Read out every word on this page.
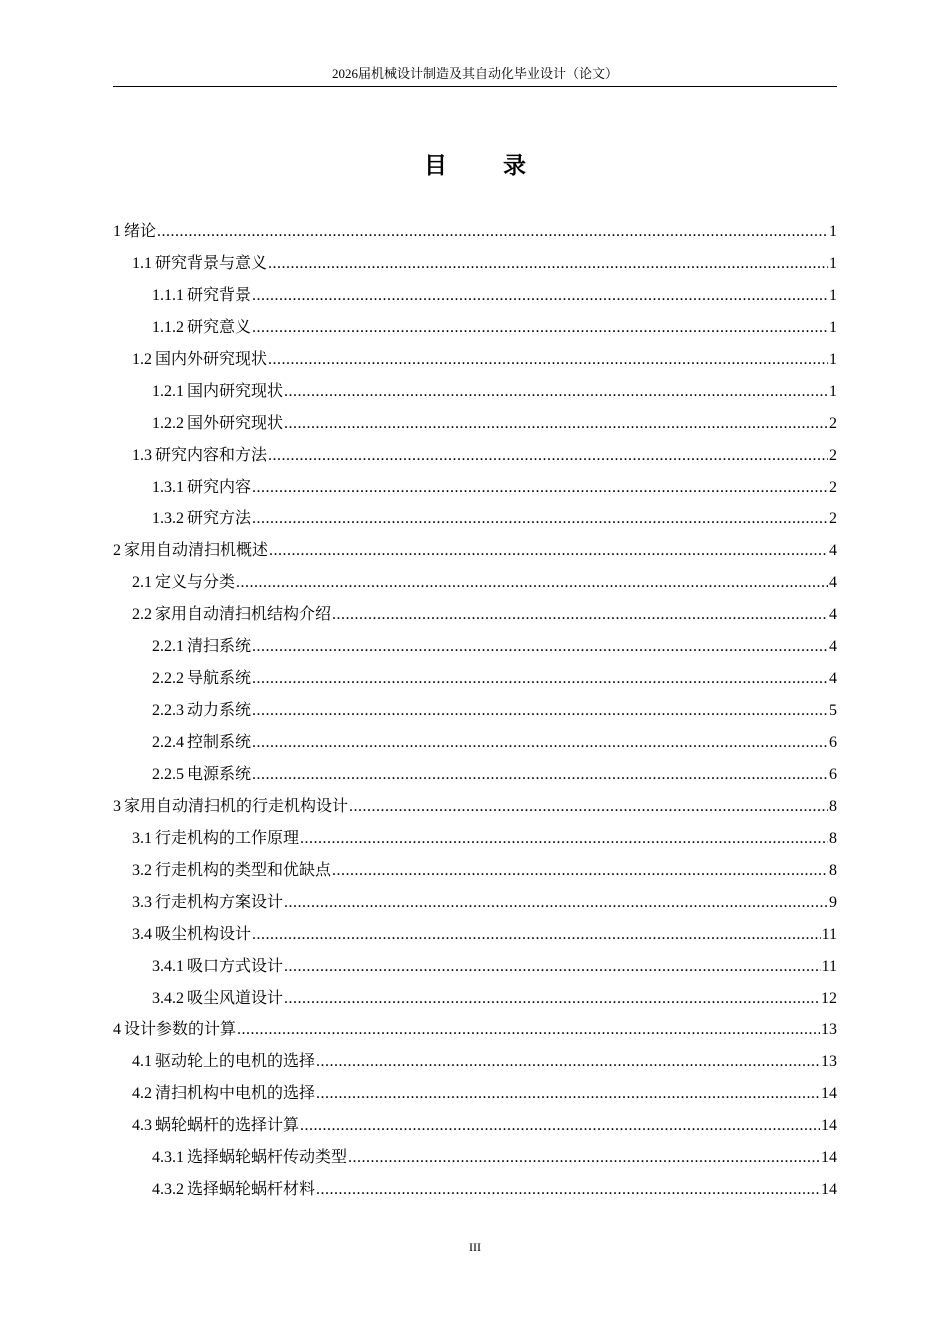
2026届机械设计制造及其自动化毕业设计（论文）
目 录
1 绪论 .....	1
1.1 研究背景与意义 .....	1
1.1.1 研究背景 .....	1
1.1.2 研究意义 .....	1
1.2 国内外研究现状 .....	1
1.2.1 国内研究现状 .....	1
1.2.2 国外研究现状 .....	2
1.3 研究内容和方法 .....	2
1.3.1 研究内容 .....	2
1.3.2 研究方法 .....	2
2 家用自动清扫机概述 .....	4
2.1 定义与分类 .....	4
2.2 家用自动清扫机结构介绍 .....	4
2.2.1 清扫系统 .....	4
2.2.2 导航系统 .....	4
2.2.3 动力系统 .....	5
2.2.4 控制系统 .....	6
2.2.5 电源系统 .....	6
3 家用自动清扫机的行走机构设计 .....	8
3.1 行走机构的工作原理 .....	8
3.2 行走机构的类型和优缺点 .....	8
3.3 行走机构方案设计 .....	9
3.4 吸尘机构设计 .....	11
3.4.1 吸口方式设计 .....	11
3.4.2 吸尘风道设计 .....	12
4 设计参数的计算 .....	13
4.1 驱动轮上的电机的选择 .....	13
4.2 清扫机构中电机的选择 .....	14
4.3 蜗轮蜗杆的选择计算 .....	14
4.3.1 选择蜗轮蜗杆传动类型 .....	14
4.3.2 选择蜗轮蜗杆材料 .....	14
III
